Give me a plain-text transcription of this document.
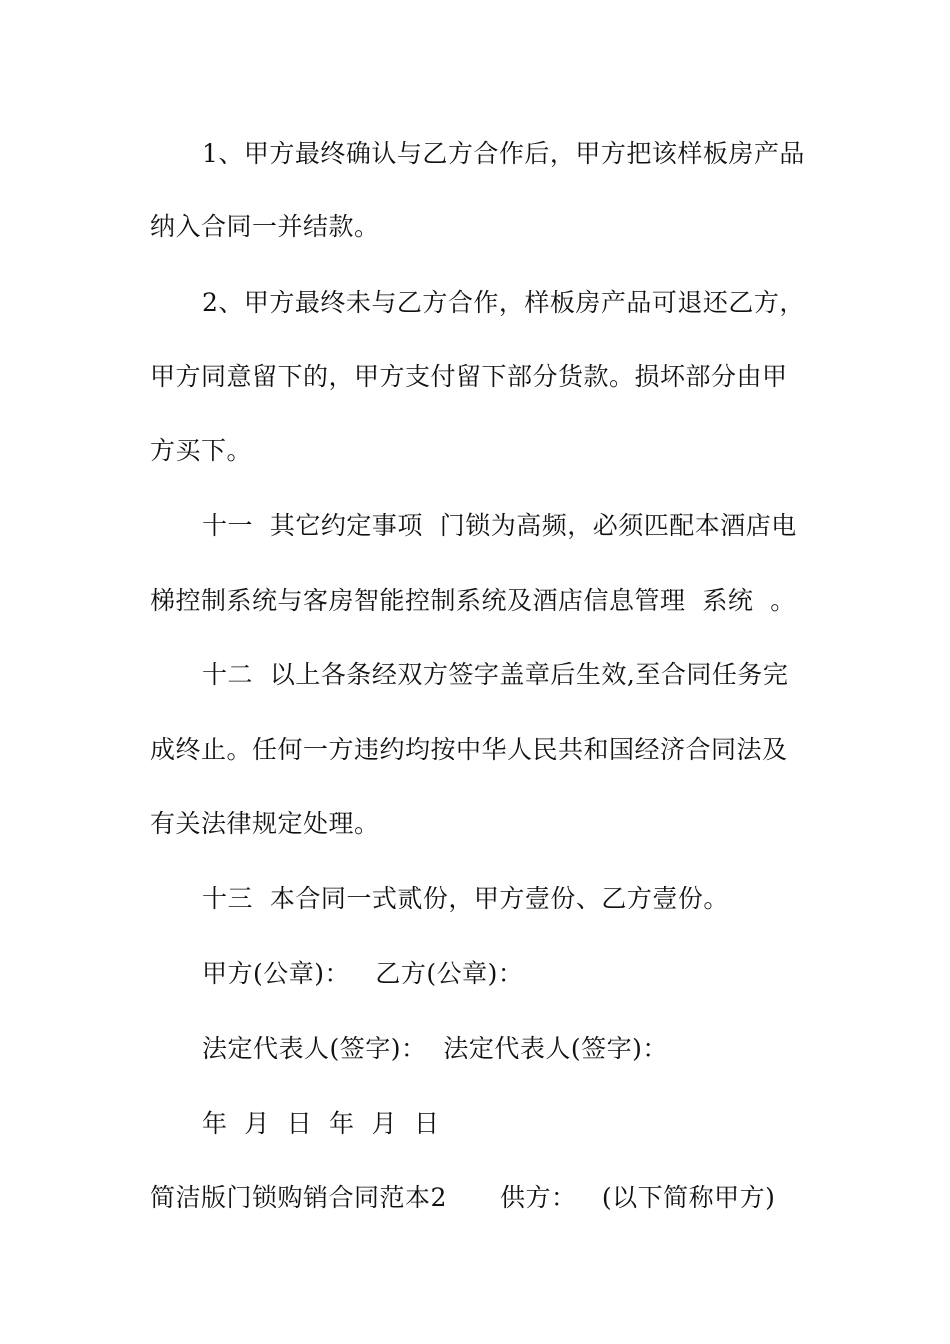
1、甲方最终确认与乙方合作后，甲方把该样板房产品
纳入合同一并结款。
2、甲方最终未与乙方合作，样板房产品可退还乙方，
甲方同意留下的，甲方支付留下部分货款。损坏部分由甲
方买下。
十一  其它约定事项  门锁为高频，必须匹配本酒店电
梯控制系统与客房智能控制系统及酒店信息管理  系统  。
十二  以上各条经双方签字盖章后生效,至合同任务完
成终止。任何一方违约均按中华人民共和国经济合同法及
有关法律规定处理。
十三  本合同一式贰份，甲方壹份、乙方壹份。
甲方(公章)：   乙方(公章)：
法定代表人(签字)：  法定代表人(签字)：
年  月  日  年  月  日
简洁版门锁购销合同范本2 供方：   (以下简称甲方)
